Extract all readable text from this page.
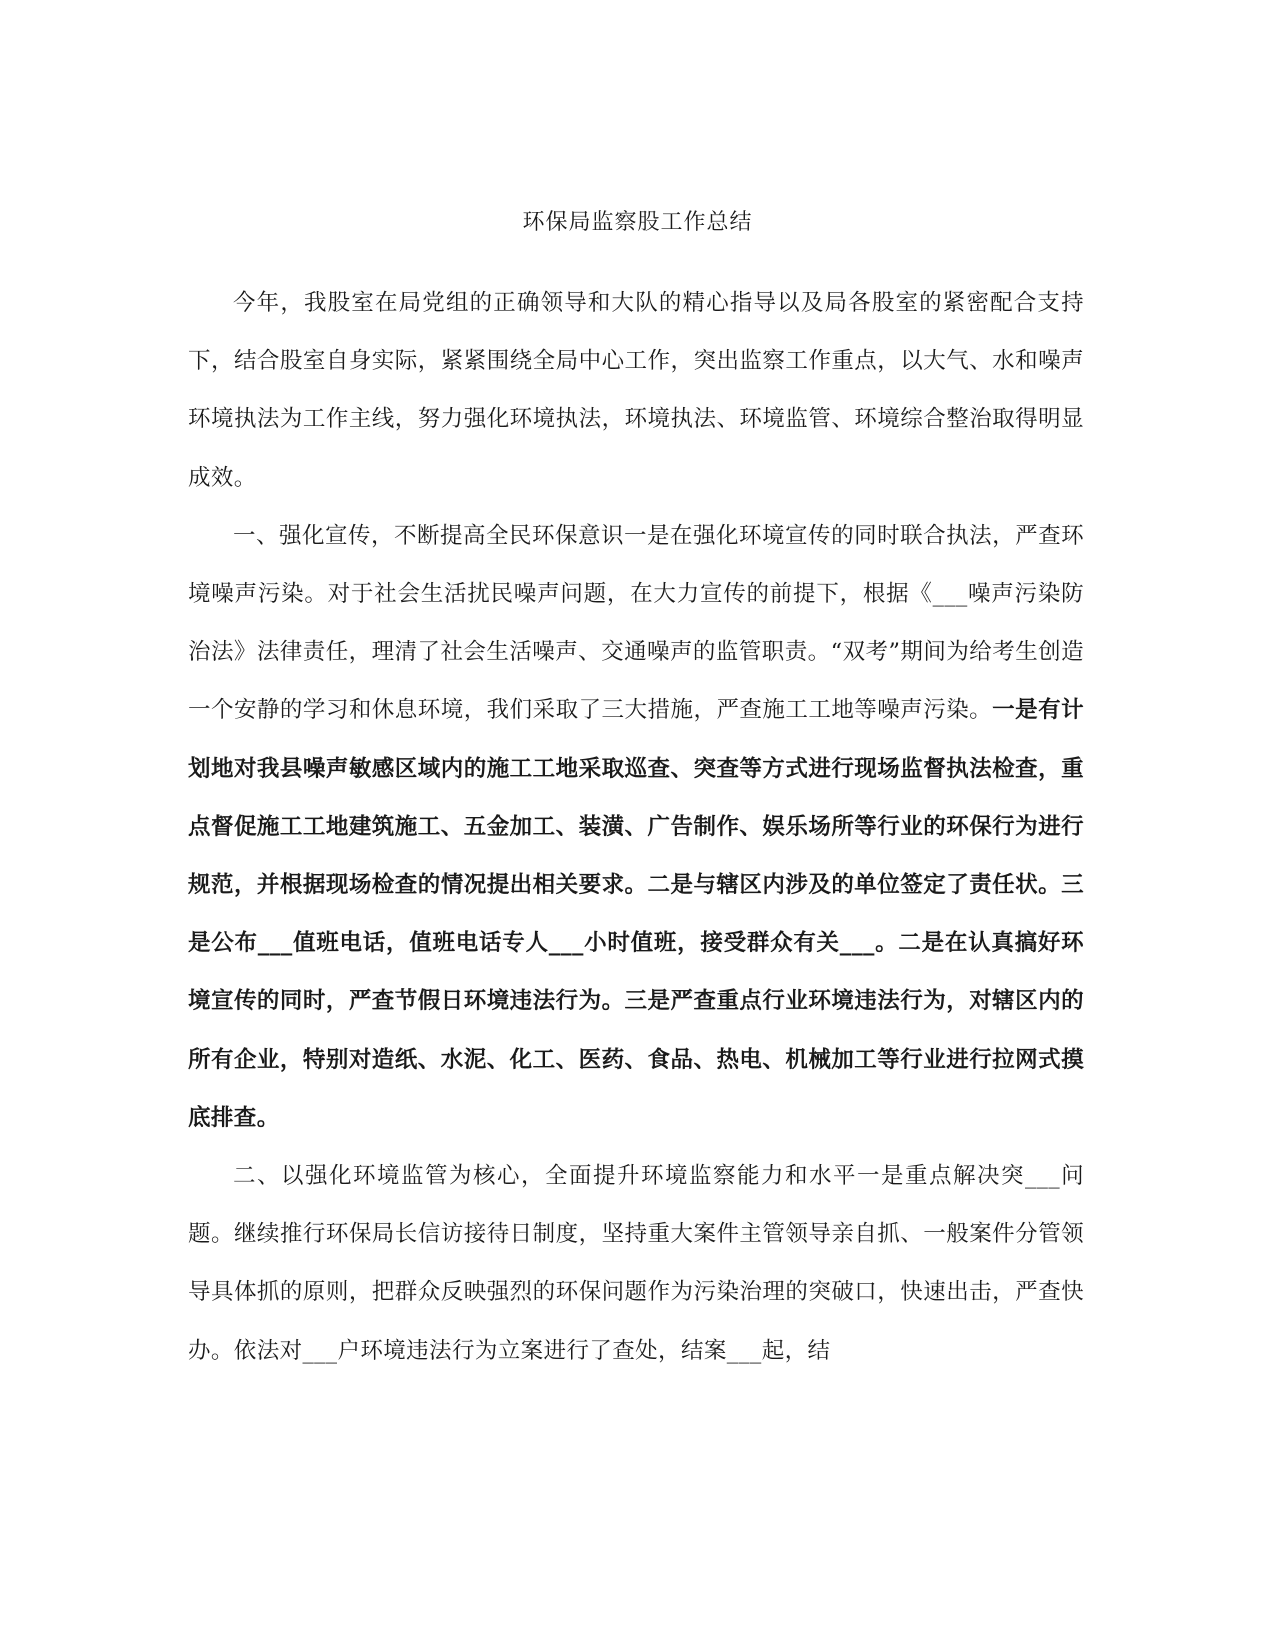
环保局监察股工作总结

今年，我股室在局党组的正确领导和大队的精心指导以及局各股室的紧密配合支持下，结合股室自身实际，紧紧围绕全局中心工作，突出监察工作重点，以大气、水和噪声环境执法为工作主线，努力强化环境执法，环境执法、环境监管、环境综合整治取得明显成效。

一、强化宣传，不断提高全民环保意识一是在强化环境宣传的同时联合执法，严查环境噪声污染。对于社会生活扰民噪声问题，在大力宣传的前提下，根据《___噪声污染防治法》法律责任，理清了社会生活噪声、交通噪声的监管职责。“双考”期间为给考生创造一个安静的学习和休息环境，我们采取了三大措施，严查施工工地等噪声污染。一是有计划地对我县噪声敏感区域内的施工工地采取巡查、突查等方式进行现场监督执法检查，重点督促施工工地建筑施工、五金加工、装潢、广告制作、娱乐场所等行业的环保行为进行规范，并根据现场检查的情况提出相关要求。二是与辖区内涉及的单位签定了责任状。三是公布___值班电话，值班电话专人___小时值班，接受群众有关___。二是在认真搞好环境宣传的同时，严查节假日环境违法行为。三是严查重点行业环境违法行为，对辖区内的所有企业，特别对造纸、水泥、化工、医药、食品、热电、机械加工等行业进行拉网式摸底排查。

二、以强化环境监管为核心，全面提升环境监察能力和水平一是重点解决突___问题。继续推行环保局长信访接待日制度，坚持重大案件主管领导亲自抓、一般案件分管领导具体抓的原则，把群众反映强烈的环保问题作为污染治理的突破口，快速出击，严查快办。依法对___户环境违法行为立案进行了查处，结案___起，结
